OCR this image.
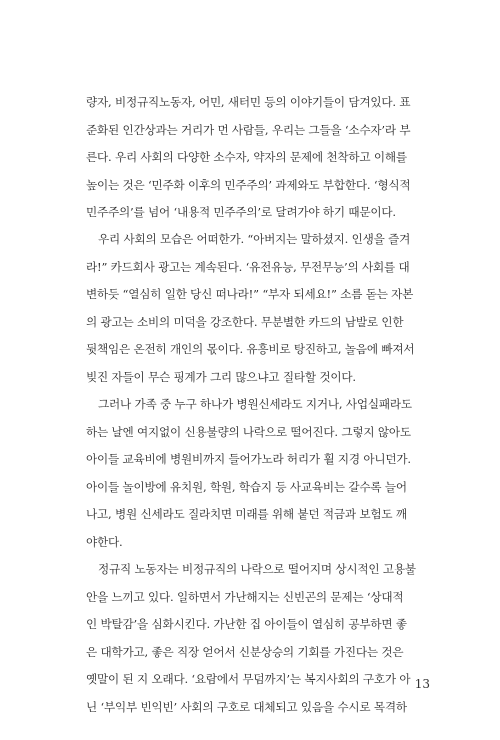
량자, 비정규직노동자, 어민, 새터민 등의 이야기들이 담겨있다. 표
준화된 인간상과는 거리가 먼 사람들, 우리는 그들을 ‘소수자’라 부
른다. 우리 사회의 다양한 소수자, 약자의 문제에 천착하고 이해를
높이는 것은 ‘민주화 이후의 민주주의’ 과제와도 부합한다. ‘형식적
민주주의’를 넘어 ‘내용적 민주주의’로 달려가야 하기 때문이다.
우리 사회의 모습은 어떠한가. “아버지는 말하셨지. 인생을 즐겨
라!” 카드회사 광고는 계속된다. ‘유전유능, 무전무능’의 사회를 대
변하듯 “열심히 일한 당신 떠나라!” “부자 되세요!” 소름 돋는 자본
의 광고는 소비의 미덕을 강조한다. 무분별한 카드의 남발로 인한
뒷책임은 온전히 개인의 몫이다. 유흥비로 탕진하고, 놀음에 빠져서
빚진 자들이 무슨 핑계가 그리 많으냐고 질타할 것이다.
그러나 가족 중 누구 하나가 병원신세라도 지거나, 사업실패라도
하는 날엔 여지없이 신용불량의 나락으로 떨어진다. 그렇지 않아도
아이들 교육비에 병원비까지 들어가노라 허리가 휠 지경 아니던가.
아이들 놀이방에 유치원, 학원, 학습지 등 사교육비는 갈수록 늘어
나고, 병원 신세라도 질라치면 미래를 위해 붙던 적금과 보험도 깨
야한다.
정규직 노동자는 비정규직의 나락으로 떨어지며 상시적인 고용불
안을 느끼고 있다. 일하면서 가난해지는 신빈곤의 문제는 ‘상대적
인 박탈감’을 심화시킨다. 가난한 집 아이들이 열심히 공부하면 좋
은 대학가고, 좋은 직장 얻어서 신분상승의 기회를 가진다는 것은
옛말이 된 지 오래다. ‘요람에서 무덤까지’는 복지사회의 구호가 아
닌 ‘부익부 빈익빈’ 사회의 구호로 대체되고 있음을 수시로 목격하
13
